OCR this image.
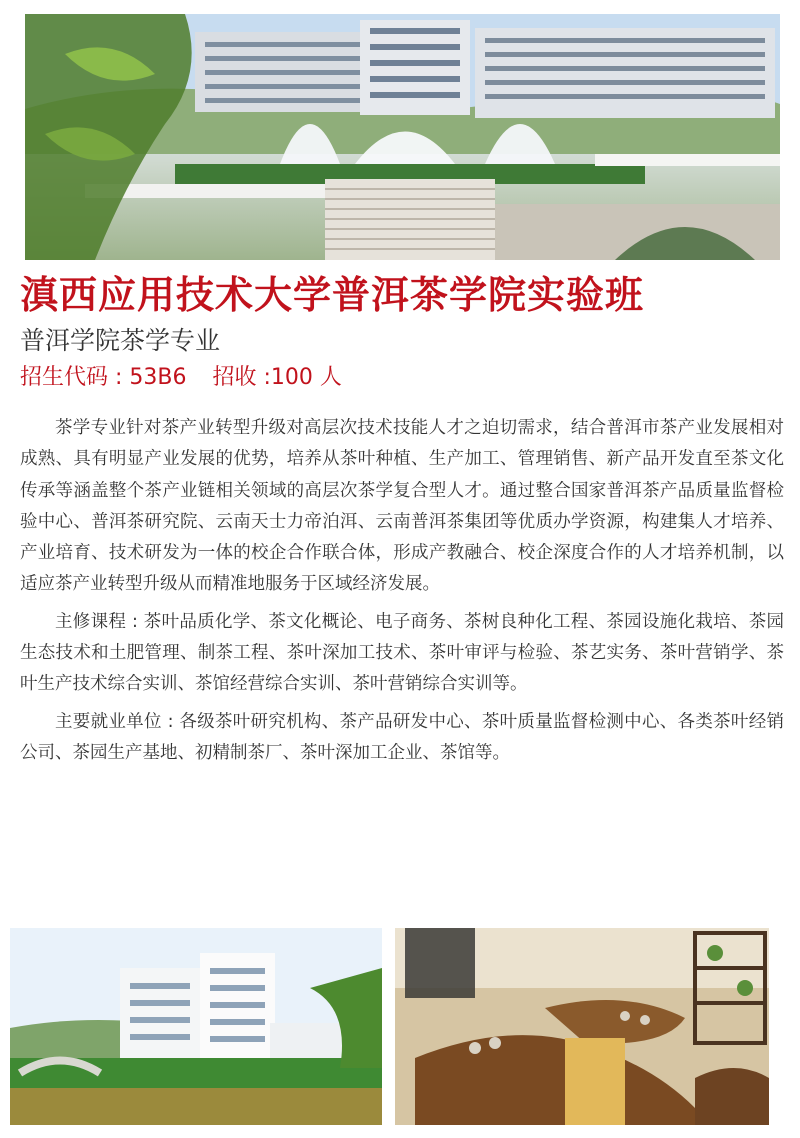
滇西应用技术大学普洱茶学院实验班
普洱学院茶学专业
招生代码 : 53B6 招收 :100 人

茶学专业针对茶产业转型升级对高层次技术技能人才之迫切需求，结合普洱市茶产业发展相对成熟、具有明显产业发展的优势，培养从茶叶种植、生产加工、管理销售、新产品开发直至茶文化传承等涵盖整个茶产业链相关领域的高层次茶学复合型人才。通过整合国家普洱茶产品质量监督检验中心、普洱茶研究院、云南天士力帝泊洱、云南普洱茶集团等优质办学资源，构建集人才培养、产业培育、技术研发为一体的校企合作联合体，形成产教融合、校企深度合作的人才培养机制，以适应茶产业转型升级从而精准地服务于区域经济发展。

主修课程 : 茶叶品质化学、茶文化概论、电子商务、茶树良种化工程、茶园设施化栽培、茶园生态技术和土肥管理、制茶工程、茶叶深加工技术、茶叶审评与检验、茶艺实务、茶叶营销学、茶叶生产技术综合实训、茶馆经营综合实训、茶叶营销综合实训等。

主要就业单位 : 各级茶叶研究机构、茶产品研发中心、茶叶质量监督检测中心、各类茶叶经销公司、茶园生产基地、初精制茶厂、茶叶深加工企业、茶馆等。
